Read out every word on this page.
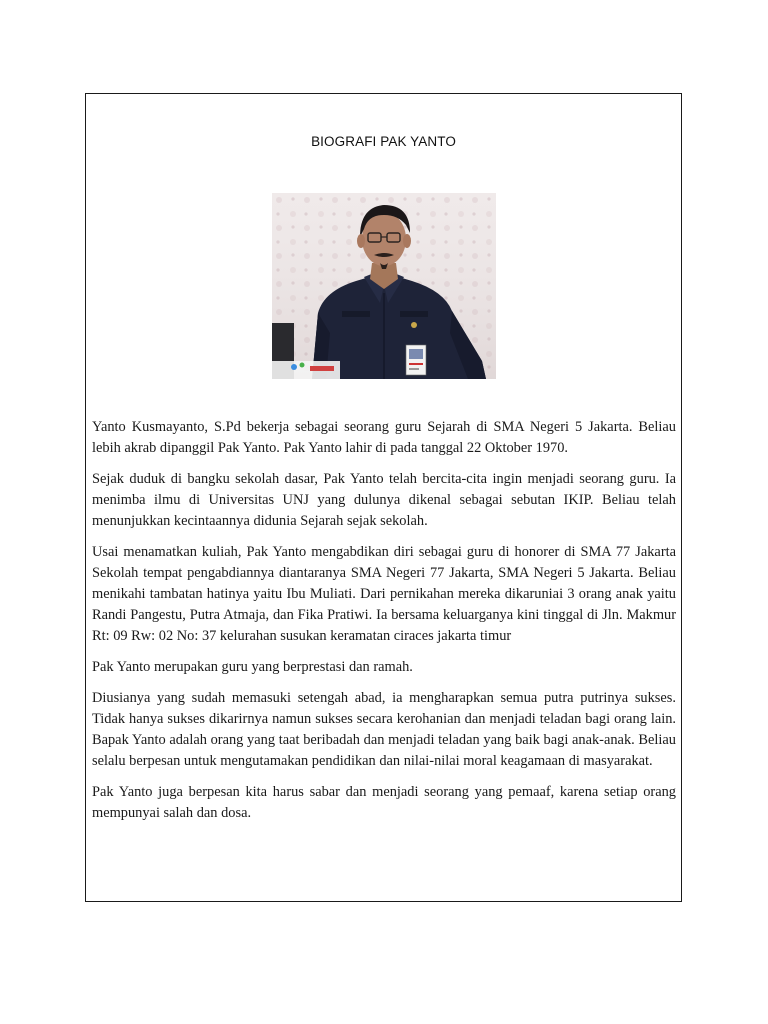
BIOGRAFI PAK YANTO

Yanto Kusmayanto, S.Pd bekerja sebagai seorang guru Sejarah di SMA Negeri 5 Jakarta. Beliau lebih akrab dipanggil Pak Yanto. Pak Yanto lahir di pada tanggal 22 Oktober 1970.

Sejak duduk di bangku sekolah dasar, Pak Yanto telah bercita-cita ingin menjadi seorang guru. Ia menimba ilmu di Universitas UNJ yang dulunya dikenal sebagai sebutan IKIP. Beliau telah menunjukkan kecintaannya didunia Sejarah sejak sekolah.

Usai menamatkan kuliah, Pak Yanto mengabdikan diri sebagai guru di honorer di SMA 77 Jakarta Sekolah tempat pengabdiannya diantaranya SMA Negeri 77 Jakarta, SMA Negeri 5 Jakarta. Beliau menikahi tambatan hatinya yaitu Ibu Muliati. Dari pernikahan mereka dikaruniai 3 orang anak yaitu Randi Pangestu, Putra Atmaja, dan Fika Pratiwi. Ia bersama keluarganya kini tinggal di Jln. Makmur Rt: 09 Rw: 02 No: 37 kelurahan susukan keramatan ciraces jakarta timur

Pak Yanto merupakan guru yang berprestasi dan ramah.

Diusianya yang sudah memasuki setengah abad, ia mengharapkan semua putra putrinya sukses. Tidak hanya sukses dikarirnya namun sukses secara kerohanian dan menjadi teladan bagi orang lain. Bapak Yanto adalah orang yang taat beribadah dan menjadi teladan yang baik bagi anak-anak. Beliau selalu berpesan untuk mengutamakan pendidikan dan nilai-nilai moral keagamaan di masyarakat.

Pak Yanto juga berpesan kita harus sabar dan menjadi seorang yang pemaaf, karena setiap orang mempunyai salah dan dosa.
